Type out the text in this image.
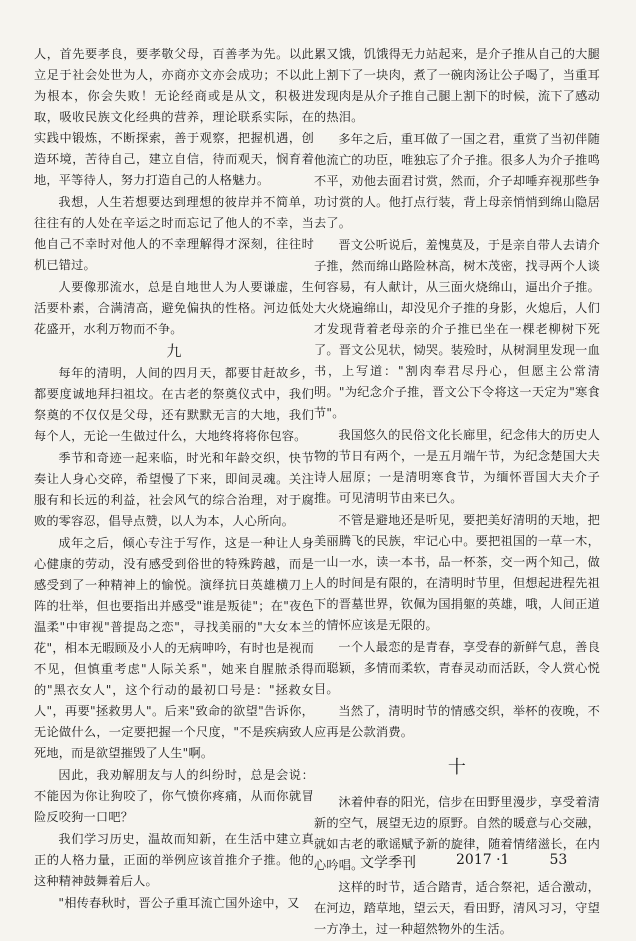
人，首先要孝良，要孝敬父母，百善孝为先。以此立足于社会处世为人，亦商亦文亦会成功；不以此为根本，你会失败！无论经商或是从文，积极进取，吸收民族文化经典的营养，理论联系实际，在实践中锻炼，不断探索，善于观察，把握机遇，创造环境，苦待自己，建立自信，待而观天，悯育着地，平等待人，努力打造自己的人格魅力。

我想，人生若想要达到理想的彼岸并不简单，往往有的人处在辛运之时而忘记了他人的不幸，当他自己不幸时对他人的不幸理解得才深刻，往往时机已错过。

人要像那流水，总是自地世人为人要谦虚，生活要朴素，合满清高，避免偏执的性格。河边低处花盛开，水利万物而不争。

九

每年的清明，人间的四月天，都要甘赶故乡，都要度诚地拜扫祖坟。在古老的祭奠仪式中，我们祭奠的不仅仅是父母，还有默默无言的大地，我们每个人，无论一生做过什么，大地终将将你包容。

季节和奇迹一起来临，时光和年龄交织，快节奏让人身心交碎，希望慢了下来，即间灵魂。关注服有和长远的利益，社会风气的综合治理，对于腐败的零容忍，倡导点赞，以人为本，人心所向。

成年之后，倾心专注于写作，这是一种让人身心健康的劳动，没有感受到俗世的特殊跨越，而是感受到了一种精神上的愉悦。演绎抗日英雄横刀上阵的壮举，但也要指出并感受"谁是叛徒"；在"夜色温柔"中审视"普提岛之恋"，寻找美丽的"大女本兰花"，相本无暇顾及小人的无病呻吟，有时也是视而不见，但慎重考虑"人际关系"，她来自腥脓杀得的"黑衣女人"，这个行动的最初口号是："拯救女人"，再要"拯救男人"。后来"致命的欲望"告诉你，无论做什么，一定要把握一个尺度，"不是疾病致人死地，而是欲望摧毁了人生"啊。

因此，我劝解朋友与人的纠纷时，总是会说：不能因为你让狗咬了，你气愤你疼痛，从而你就冒险反咬狗一口吧？

我们学习历史，温故而知新，在生活中建立真正的人格力量，正面的举例应该首推介子推。他的这种精神鼓舞着后人。

"相传春秋时，晋公子重耳流亡国外途中，又

累又饿，饥饿得无力站起来，是介子推从自己的大腿上割下了一块肉，煮了一碗肉汤让公子喝了，当重耳发现肉是从介子推自己腿上割下的时候，流下了感动的热泪。

多年之后，重耳做了一国之君，重赏了当初伴随他流亡的功臣，唯独忘了介子推。很多人为介子推鸣不平，劝他去面君讨赏，然而，介子却唾弃视那些争功讨赏的人。他打点行装，背上母亲悄悄到绵山隐居去了。

晋文公听说后，羞愧莫及，于是亲自带人去请介子推，然而绵山路险林高，树木茂密，找寻两个人谈何容易，有人献计，从三面火烧绵山，逼出介子推。大火烧遍绵山，却没见介子推的身影，火熄后，人们才发现背着老母亲的介子推已坐在一棵老柳树下死了。晋文公见状，恸哭。装殓时，从树洞里发现一血书，上写道："割肉奉君尽丹心，但愿主公常清明。"为纪念介子推，晋文公下令将这一天定为"寒食节"。

我国悠久的民俗文化长廊里，纪念伟大的历史人物的节日有两个，一是五月端午节，为纪念楚国大夫诗人屈原；一是清明寒食节，为缅怀晋国大夫介子推。可见清明节由来已久。

不管是避地还是听见，要把美好清明的天地，把美丽腾飞的民族，牢记心中。要把祖国的一草一木，一山一水，读一本书，品一杯茶，交一两个知己，做人的时间是有限的，在清明时节里，但想起进程先祖下的晋墓世界，钦佩为国捐躯的英雄，哦，人间正道的情怀应该是无限的。

一个人最恋的是青春，享受春的新鲜气息，善良而聪颖，多情而柔软，青春灵动而活跃，令人赏心悦目。

当然了，清明时节的情感交织，举杯的夜晚，不应再是公款消费。

十

沐着仲春的阳光，信步在田野里漫步，享受着清新的空气，展望无边的原野。自然的暖意与心交融，就如古老的歌谣赋予新的旋律，随着情绪滋长，在内心吟唱。

这样的时节，适合踏青，适合祭祀，适合激动，在河边，踏草地，望云天，看田野，清风习习，守望一方净土，过一种超然物外的生活。

文学季刊	2017 ·1	53
